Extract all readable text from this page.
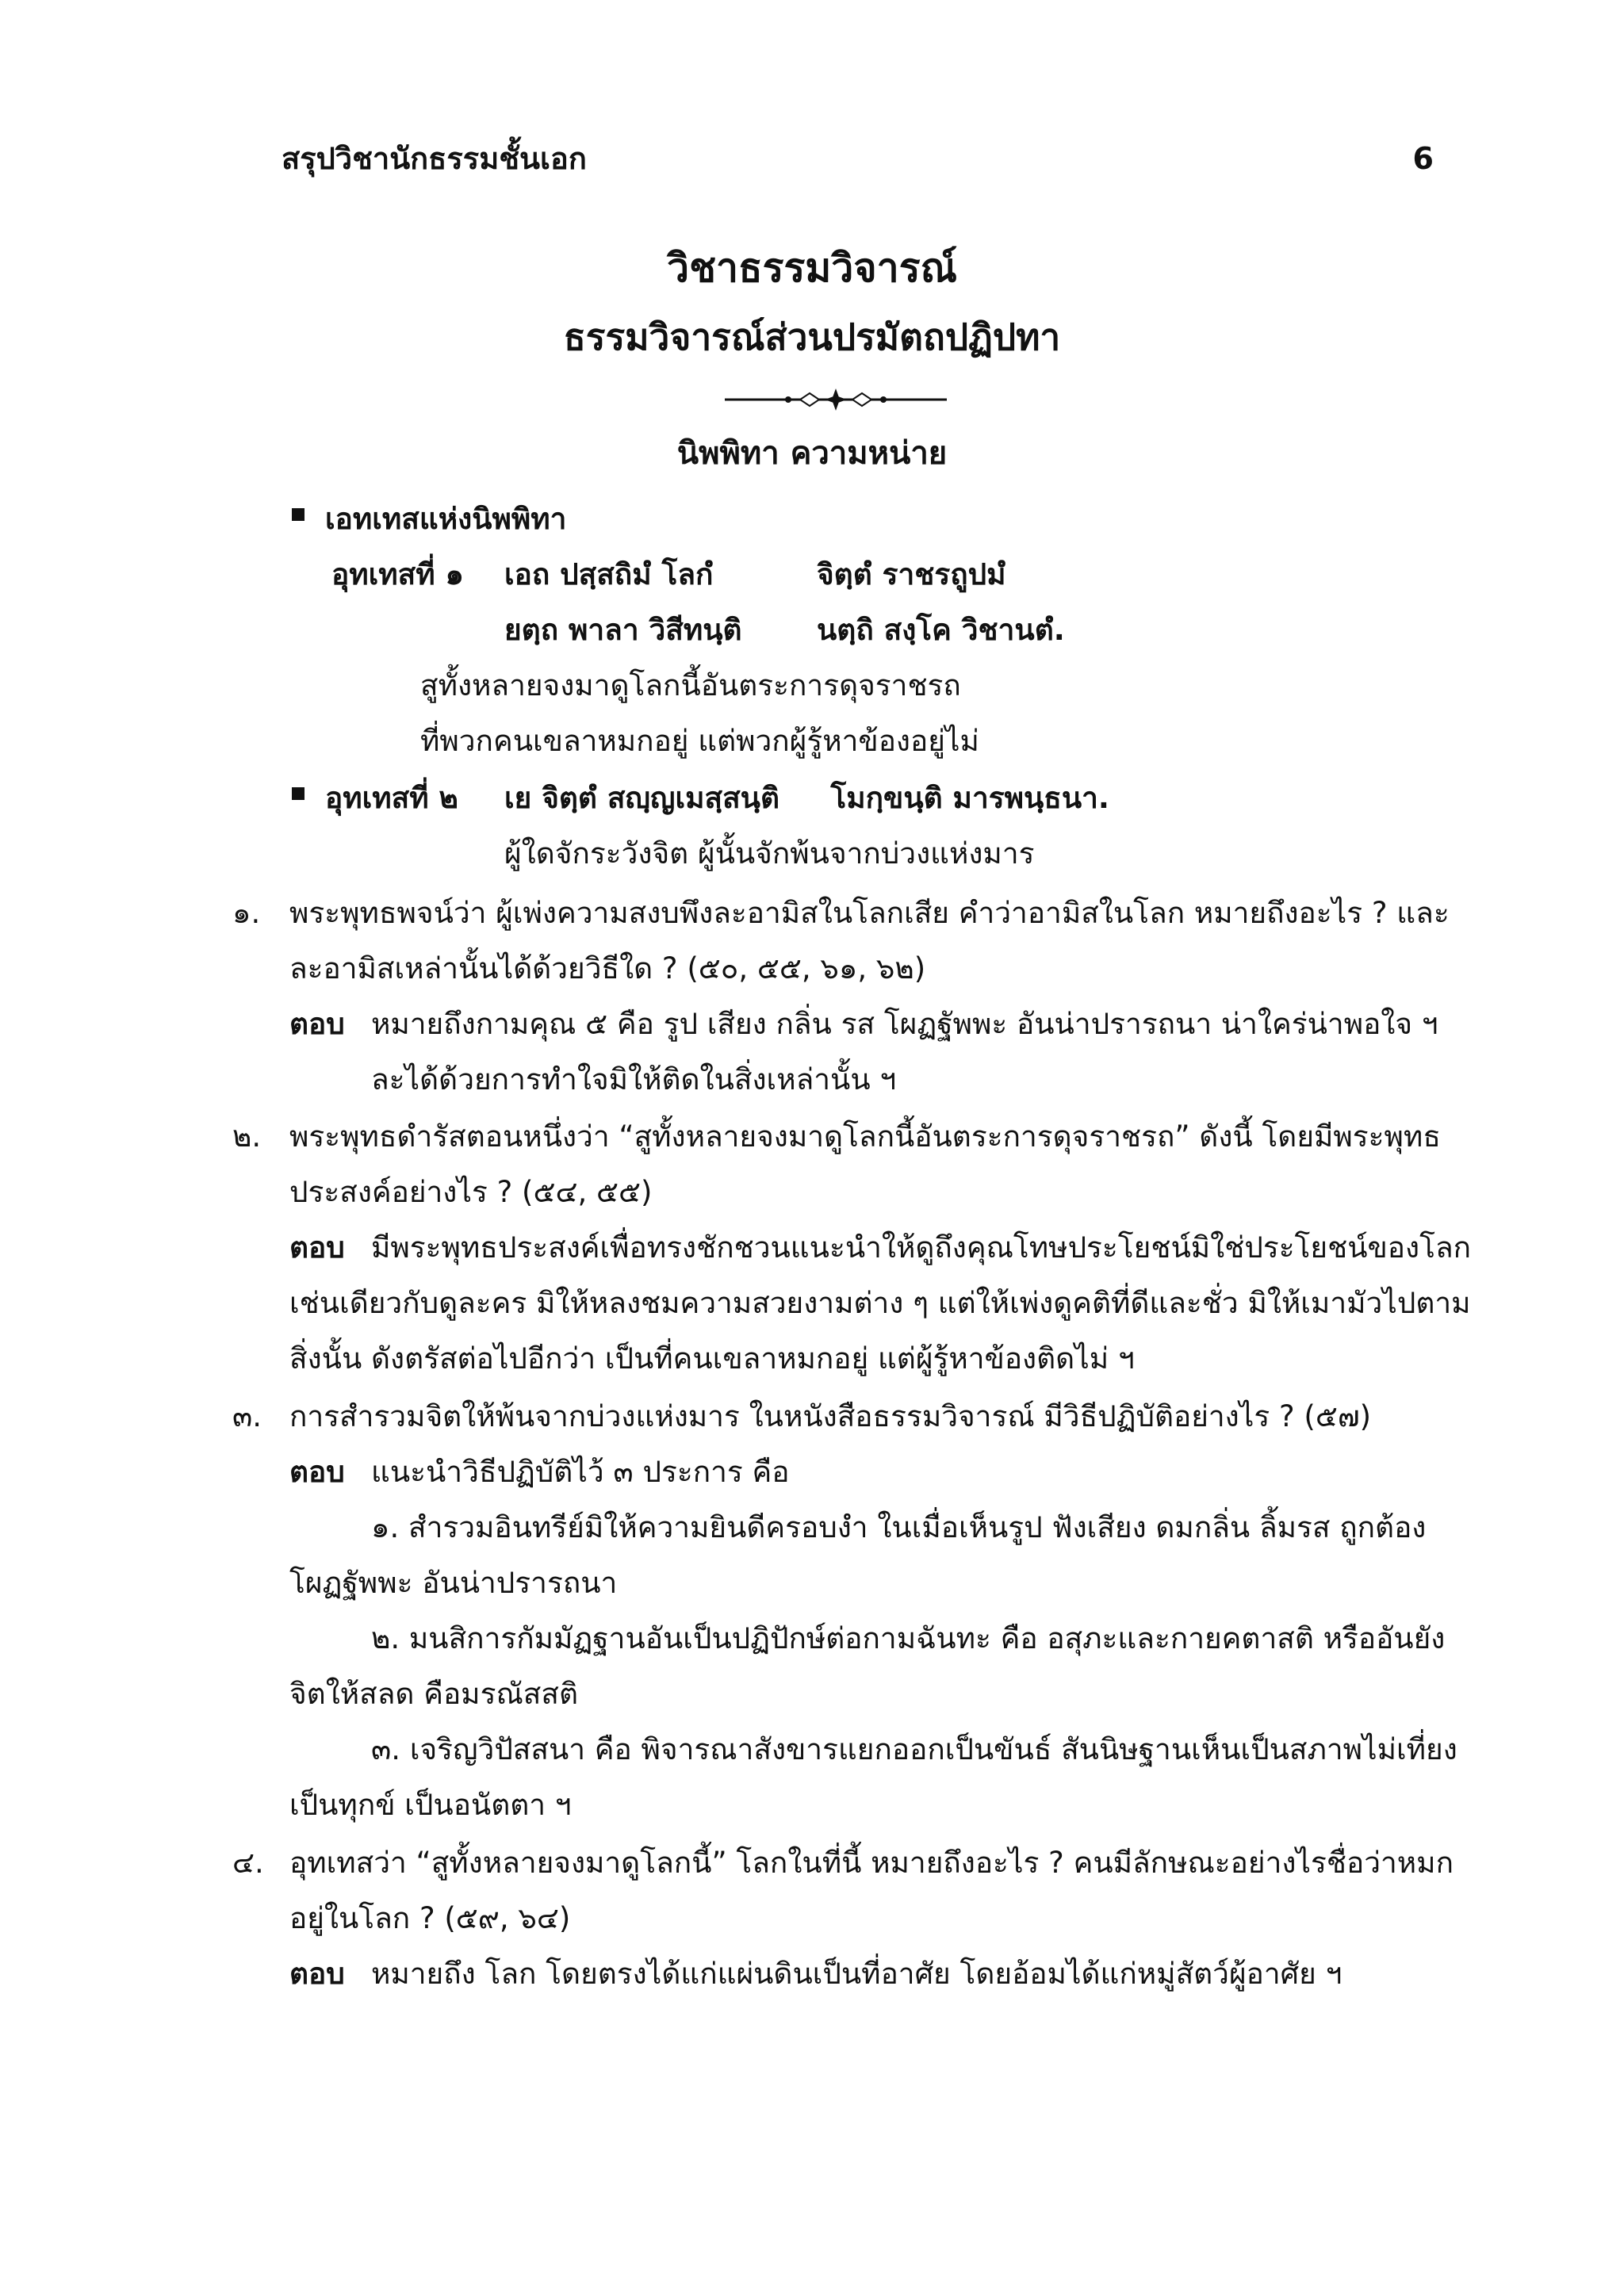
สรุปวิชานักธรรมชั้นเอก	6
วิชาธรรมวิจารณ์
ธรรมวิจารณ์ส่วนปรมัตถปฏิปทา
นิพพิทา ความหน่าย
เอทเทสแห่งนิพพิทา
อุทเทสที่ ๑ เอถ ปสฺสถิมํ โลกํ	จิตฺตํ ราชรถูปมํ
ยตฺถ พาลา วิสีทนฺติ	นตฺถิ สงฺโค วิชานตํ.
สูทั้งหลายจงมาดูโลกนี้อันตระการดุจราชรถ
ที่พวกคนเขลาหมกอยู่ แต่พวกผู้รู้หาข้องอยู่ไม่
อุทเทสที่ ๒ เย จิตฺตํ สญฺญเมสฺสนฺติ     โมกฺขนฺติ มารพนฺธนา.
ผู้ใดจักระวังจิต ผู้นั้นจักพ้นจากบ่วงแห่งมาร
๑. พระพุทธพจน์ว่า ผู้เพ่งความสงบพึงละอามิสในโลกเสีย คำว่าอามิสในโลก หมายถึงอะไร ? และ
ละอามิสเหล่านั้นได้ด้วยวิธีใด ? (๕๐, ๕๕, ๖๑, ๖๒)
ตอบ หมายถึงกามคุณ ๕ คือ รูป เสียง กลิ่น รส โผฏฐัพพะ อันน่าปรารถนา น่าใคร่น่าพอใจ ฯ
ละได้ด้วยการทำใจมิให้ติดในสิ่งเหล่านั้น ฯ
๒. พระพุทธดำรัสตอนหนึ่งว่า “สูทั้งหลายจงมาดูโลกนี้อันตระการดุจราชรถ” ดังนี้ โดยมีพระพุทธ
ประสงค์อย่างไร ? (๕๔, ๕๕)
ตอบ มีพระพุทธประสงค์เพื่อทรงชักชวนแนะนำให้ดูถึงคุณโทษประโยชน์มิใช่ประโยชน์ของโลก
เช่นเดียวกับดูละคร มิให้หลงชมความสวยงามต่าง ๆ แต่ให้เพ่งดูคติที่ดีและชั่ว มิให้เมามัวไปตาม
สิ่งนั้น ดังตรัสต่อไปอีกว่า เป็นที่คนเขลาหมกอยู่ แต่ผู้รู้หาข้องติดไม่ ฯ
๓. การสำรวมจิตให้พ้นจากบ่วงแห่งมาร ในหนังสือธรรมวิจารณ์ มีวิธีปฏิบัติอย่างไร ? (๕๗)
ตอบ แนะนำวิธีปฏิบัติไว้ ๓ ประการ คือ
๑. สำรวมอินทรีย์มิให้ความยินดีครอบงำ ในเมื่อเห็นรูป ฟังเสียง ดมกลิ่น ลิ้มรส ถูกต้อง
โผฏฐัพพะ อันน่าปรารถนา
๒. มนสิการกัมมัฏฐานอันเป็นปฏิปักษ์ต่อกามฉันทะ คือ อสุภะและกายคตาสติ หรืออันยัง
จิตให้สลด คือมรณัสสติ
๓. เจริญวิปัสสนา คือ พิจารณาสังขารแยกออกเป็นขันธ์ สันนิษฐานเห็นเป็นสภาพไม่เที่ยง
เป็นทุกข์ เป็นอนัตตา ฯ
๔. อุทเทสว่า “สูทั้งหลายจงมาดูโลกนี้” โลกในที่นี้ หมายถึงอะไร ? คนมีลักษณะอย่างไรชื่อว่าหมก
อยู่ในโลก ? (๕๙, ๖๔)
ตอบ หมายถึง โลก โดยตรงได้แก่แผ่นดินเป็นที่อาศัย โดยอ้อมได้แก่หมู่สัตว์ผู้อาศัย ฯ
